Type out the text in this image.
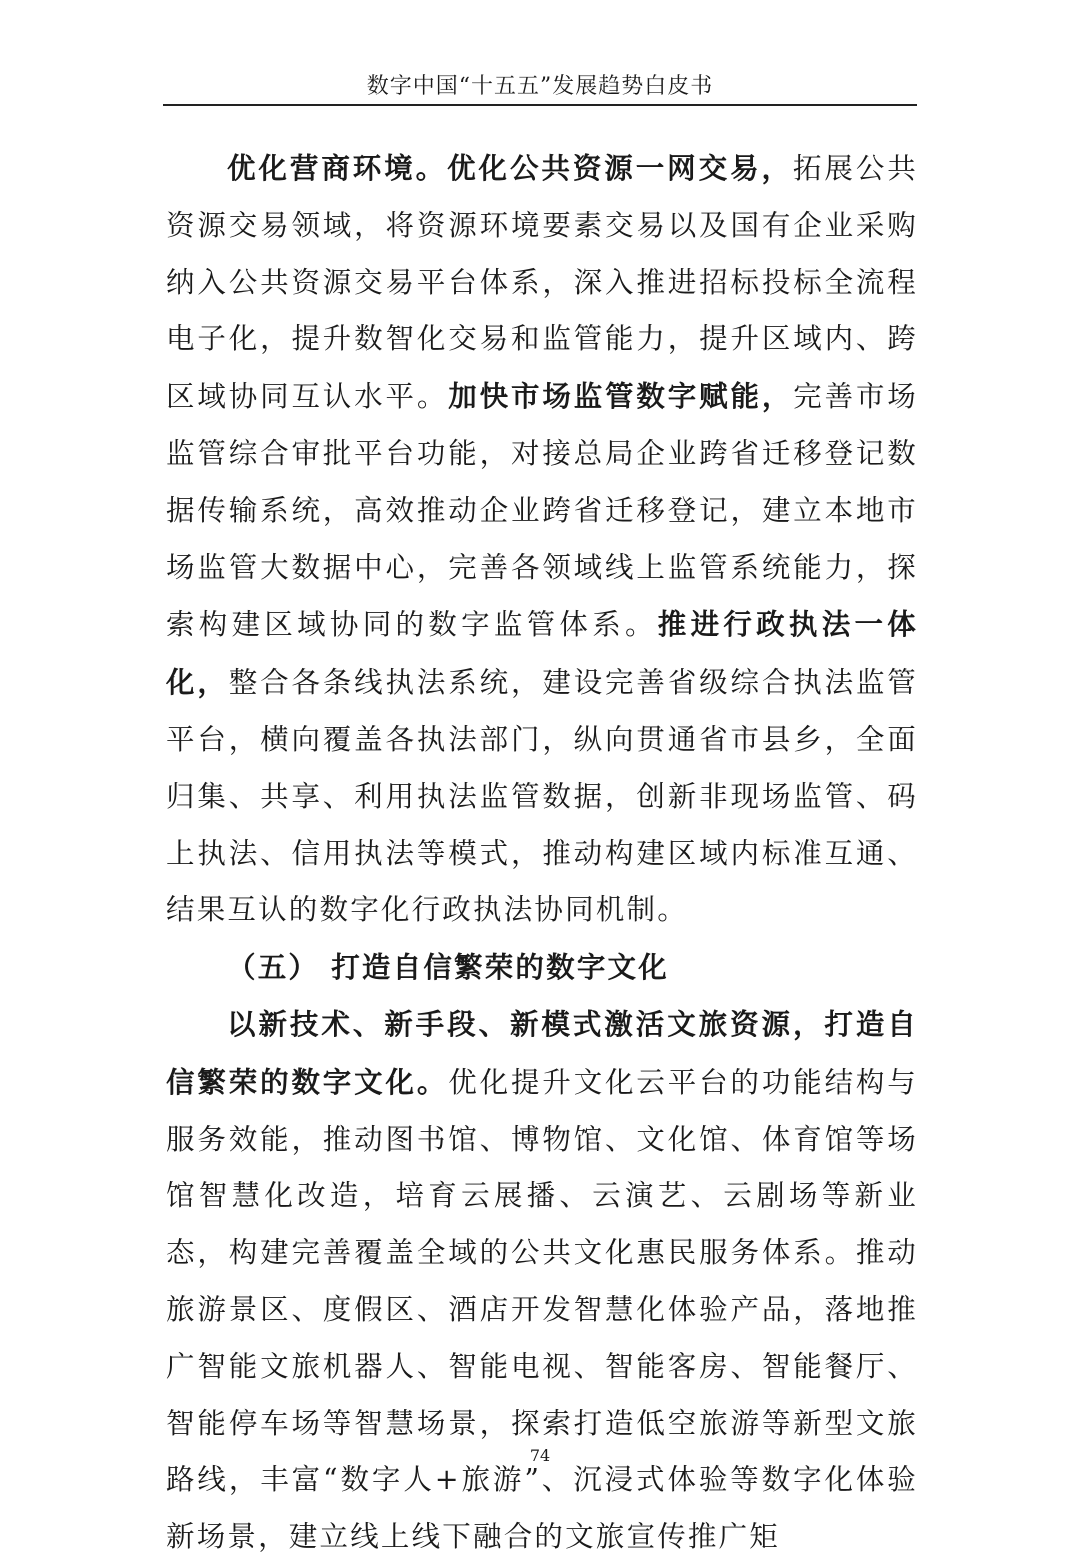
数字中国“十五五”发展趋势白皮书

优化营商环境。优化公共资源一网交易，拓展公共资源交易领域，将资源环境要素交易以及国有企业采购纳入公共资源交易平台体系，深入推进招标投标全流程电子化，提升数智化交易和监管能力，提升区域内、跨区域协同互认水平。加快市场监管数字赋能，完善市场监管综合审批平台功能，对接总局企业跨省迁移登记数据传输系统，高效推动企业跨省迁移登记，建立本地市场监管大数据中心，完善各领域线上监管系统能力，探索构建区域协同的数字监管体系。推进行政执法一体化，整合各条线执法系统，建设完善省级综合执法监管平台，横向覆盖各执法部门，纵向贯通省市县乡，全面归集、共享、利用执法监管数据，创新非现场监管、码上执法、信用执法等模式，推动构建区域内标准互通、结果互认的数字化行政执法协同机制。

（五） 打造自信繁荣的数字文化

以新技术、新手段、新模式激活文旅资源，打造自信繁荣的数字文化。优化提升文化云平台的功能结构与服务效能，推动图书馆、博物馆、文化馆、体育馆等场馆智慧化改造，培育云展播、云演艺、云剧场等新业态，构建完善覆盖全域的公共文化惠民服务体系。推动旅游景区、度假区、酒店开发智慧化体验产品，落地推广智能文旅机器人、智能电视、智能客房、智能餐厅、智能停车场等智慧场景，探索打造低空旅游等新型文旅路线，丰富“数字人+旅游”、沉浸式体验等数字化体验新场景，建立线上线下融合的文旅宣传推广矩

74
